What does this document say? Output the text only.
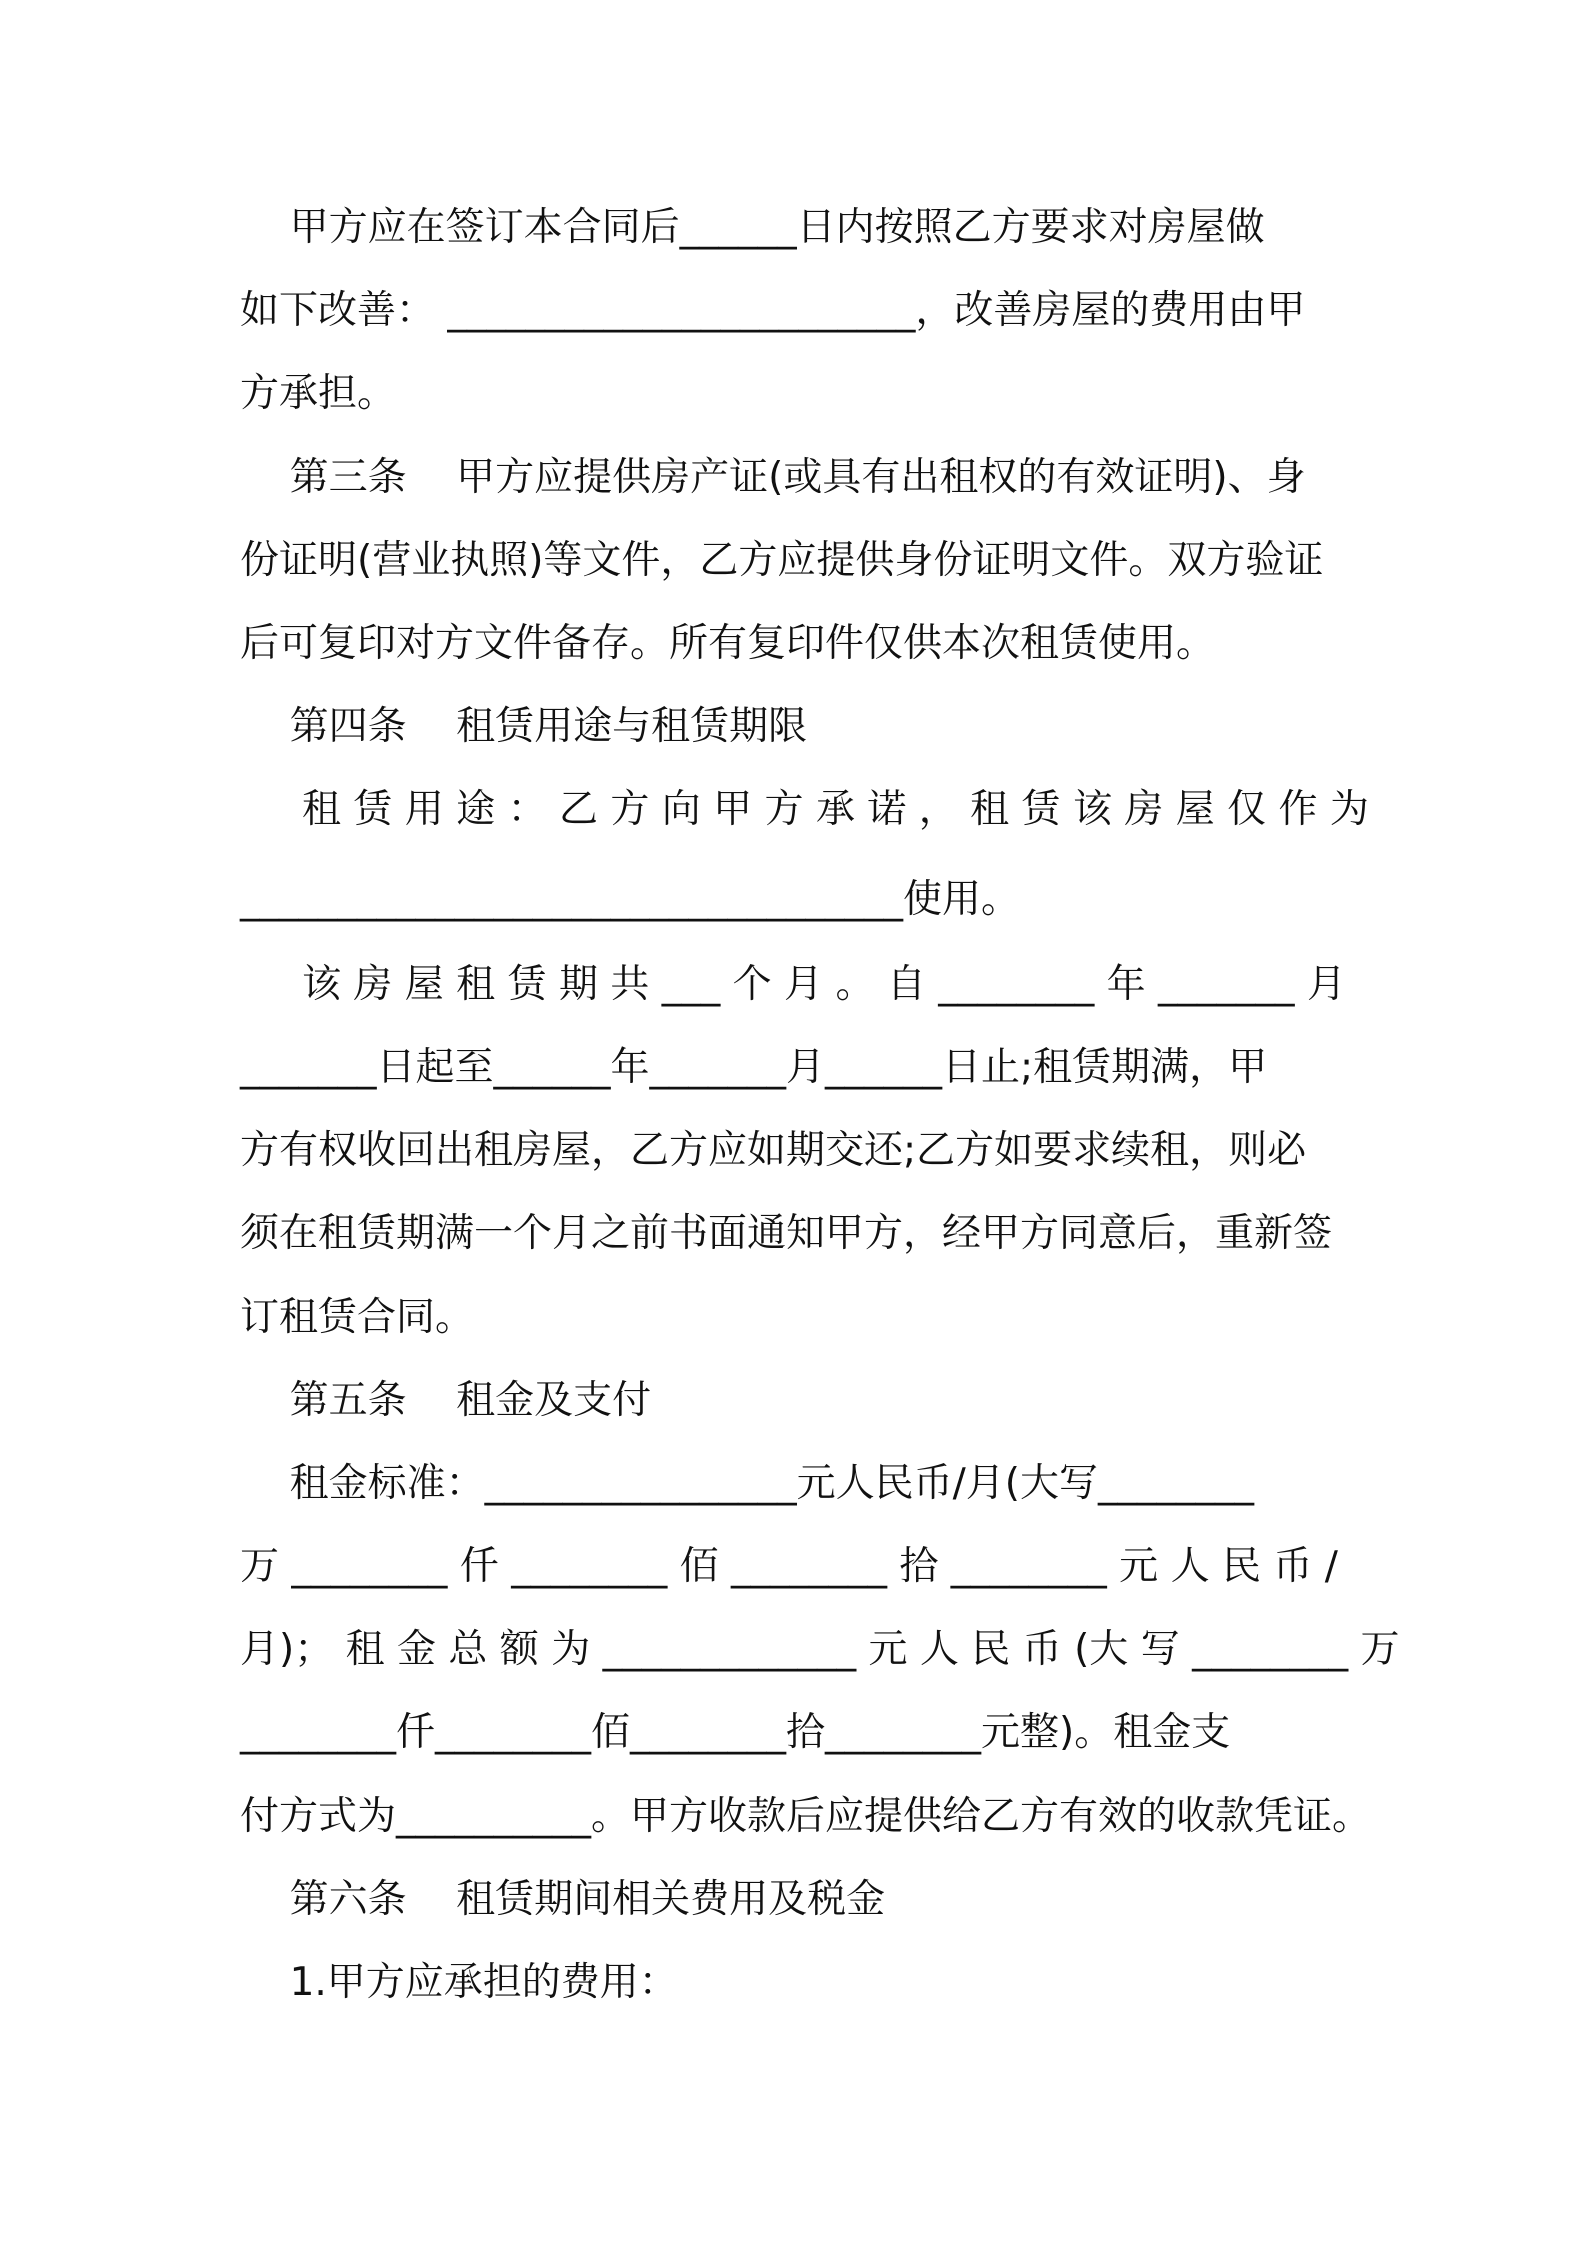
甲方应在签订本合同后______日内按照乙方要求对房屋做
如下改善： ________________________，改善房屋的费用由甲
方承担。
第三条    甲方应提供房产证(或具有出租权的有效证明)、身
份证明(营业执照)等文件，乙方应提供身份证明文件。双方验证
后可复印对方文件备存。所有复印件仅供本次租赁使用。
第四条    租赁用途与租赁期限
租 赁 用 途 ： 乙 方 向 甲 方 承 诺 ， 租 赁 该 房 屋 仅 作 为
__________________________________使用。
该 房 屋 租 赁 期 共 ___ 个 月 。 自 ________ 年 _______ 月
_______日起至______年_______月______日止;租赁期满，甲
方有权收回出租房屋，乙方应如期交还;乙方如要求续租，则必
须在租赁期满一个月之前书面通知甲方，经甲方同意后，重新签
订租赁合同。
第五条    租金及支付
租金标准：________________元人民币/月(大写________
万 ________ 仟 ________ 佰 ________ 拾 ________ 元 人 民 币 /
月)； 租 金 总 额 为 _____________ 元 人 民 币 (大 写 ________ 万
________仟________佰________拾________元整)。租金支
付方式为__________。甲方收款后应提供给乙方有效的收款凭证。
第六条    租赁期间相关费用及税金
1.甲方应承担的费用：
